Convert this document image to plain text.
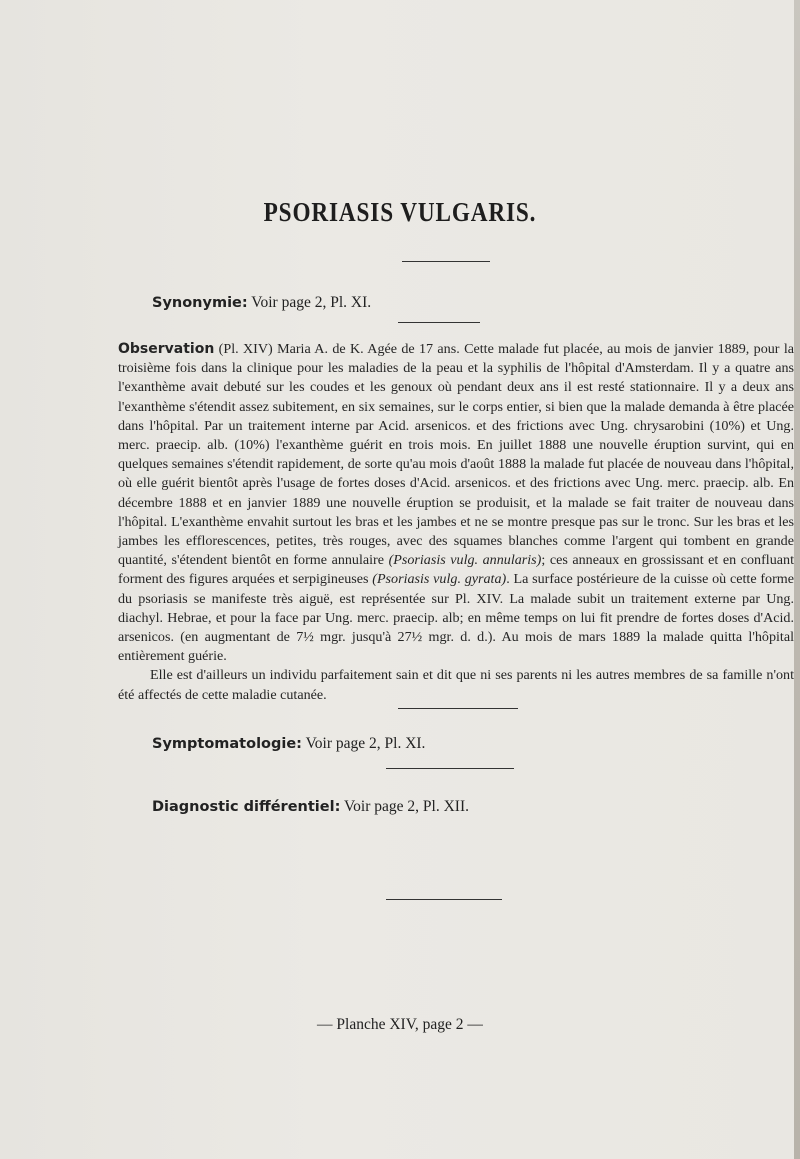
PSORIASIS VULGARIS.
Synonymie: Voir page 2, Pl. XI.

Observation (Pl. XIV) Maria A. de K. Agée de 17 ans. Cette malade fut placée, au mois de janvier 1889, pour la troisième fois dans la clinique pour les maladies de la peau et la syphilis de l'hôpital d'Amsterdam. Il y a quatre ans l'exanthème avait debuté sur les coudes et les genoux où pendant deux ans il est resté stationnaire. Il y a deux ans l'exanthème s'étendit assez subitement, en six semaines, sur le corps entier, si bien que la malade demanda à être placée dans l'hôpital. Par un traitement interne par Acid. arsenicos. et des frictions avec Ung. chrysarobini (10%) et Ung. merc. praecip. alb. (10%) l'exanthème guérit en trois mois. En juillet 1888 une nouvelle éruption survint, qui en quelques semaines s'étendit rapidement, de sorte qu'au mois d'août 1888 la malade fut placée de nouveau dans l'hôpital, où elle guérit bientôt après l'usage de fortes doses d'Acid. arsenicos. et des frictions avec Ung. merc. praecip. alb. En décembre 1888 et en janvier 1889 une nouvelle éruption se produisit, et la malade se fait traiter de nouveau dans l'hôpital. L'exanthème envahit surtout les bras et les jambes et ne se montre presque pas sur le tronc. Sur les bras et les jambes les efflorescences, petites, très rouges, avec des squames blanches comme l'argent qui tombent en grande quantité, s'étendent bientôt en forme annulaire (Psoriasis vulg. annularis); ces anneaux en grossissant et en confluant forment des figures arquées et serpigineuses (Psoriasis vulg. gyrata). La surface postérieure de la cuisse où cette forme du psoriasis se manifeste très aiguë, est représentée sur Pl. XIV. La malade subit un traitement externe par Ung. diachyl. Hebrae, et pour la face par Ung. merc. praecip. alb; en même temps on lui fit prendre de fortes doses d'Acid. arsenicos. (en augmentant de 7½ mgr. jusqu'à 27½ mgr. d. d.). Au mois de mars 1889 la malade quitta l'hôpital entièrement guérie.

Elle est d'ailleurs un individu parfaitement sain et dit que ni ses parents ni les autres membres de sa famille n'ont été affectés de cette maladie cutanée.

Symptomatologie: Voir page 2, Pl. XI.
Diagnostic différentiel: Voir page 2, Pl. XII.
— Planche XIV, page 2 —
